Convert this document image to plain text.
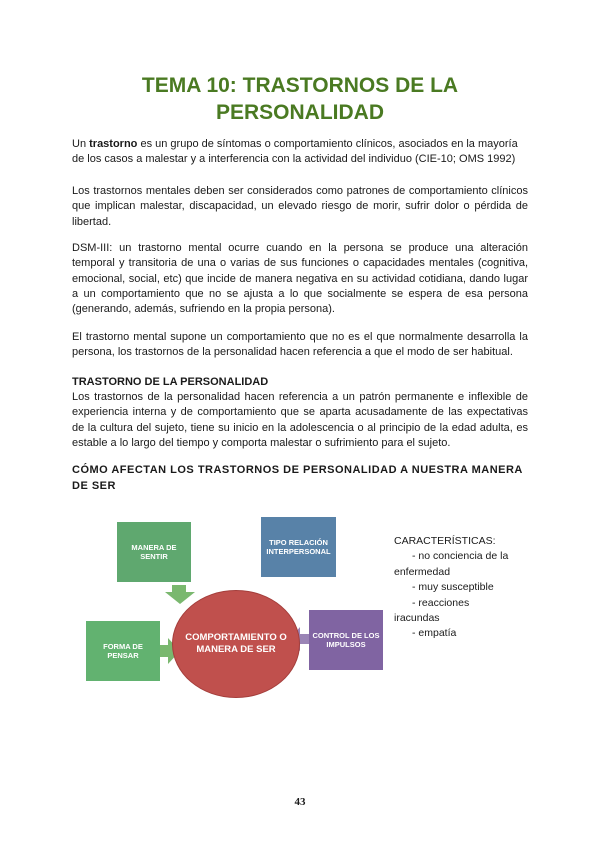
TEMA 10: TRASTORNOS DE LA
PERSONALIDAD
Un trastorno es un grupo de síntomas o comportamiento clínicos, asociados en la mayoría de los casos a malestar y a interferencia con la actividad del individuo (CIE-10; OMS 1992)
Los trastornos mentales deben ser considerados como patrones de comportamiento clínicos que implican malestar, discapacidad, un elevado riesgo de morir, sufrir dolor o pérdida de libertad.
DSM-III: un trastorno mental ocurre cuando en la persona se produce una alteración temporal y transitoria de una o varias de sus funciones o capacidades mentales (cognitiva, emocional, social, etc) que incide de manera negativa en su actividad cotidiana, dando lugar a un comportamiento que no se ajusta a lo que socialmente se espera de esa persona (generando, además, sufriendo en la propia persona).
El trastorno mental supone un comportamiento que no es el que normalmente desarrolla la persona, los trastornos de la personalidad hacen referencia a que el modo de ser habitual.
TRASTORNO DE LA PERSONALIDAD
Los trastornos de la personalidad hacen referencia a un patrón permanente e inflexible de experiencia interna y de comportamiento que se aparta acusadamente de las expectativas de la cultura del sujeto, tiene su inicio en la adolescencia o al principio de la edad adulta, es estable a lo largo del tiempo y comporta malestar o sufrimiento para el sujeto.
CÓMO AFECTAN LOS TRASTORNOS DE PERSONALIDAD A NUESTRA MANERA DE SER
MANERA DE SENTIR
TIPO RELACIÓN INTERPERSONAL
FORMA DE PENSAR
CONTROL DE LOS IMPULSOS
COMPORTAMIENTO O MANERA DE SER
CARACTERÍSTICAS:
- no conciencia de la
enfermedad
- muy susceptible
- reacciones
iracundas
- empatía
43
